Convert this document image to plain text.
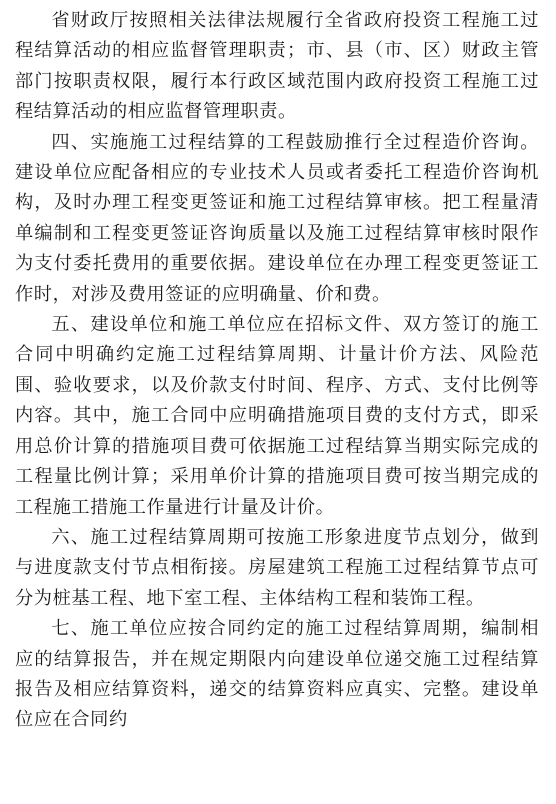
省财政厅按照相关法律法规履行全省政府投资工程施工过程结算活动的相应监督管理职责；市、县（市、区）财政主管部门按职责权限，履行本行政区域范围内政府投资工程施工过程结算活动的相应监督管理职责。

四、实施施工过程结算的工程鼓励推行全过程造价咨询。建设单位应配备相应的专业技术人员或者委托工程造价咨询机构，及时办理工程变更签证和施工过程结算审核。把工程量清单编制和工程变更签证咨询质量以及施工过程结算审核时限作为支付委托费用的重要依据。建设单位在办理工程变更签证工作时，对涉及费用签证的应明确量、价和费。

五、建设单位和施工单位应在招标文件、双方签订的施工合同中明确约定施工过程结算周期、计量计价方法、风险范围、验收要求，以及价款支付时间、程序、方式、支付比例等内容。其中，施工合同中应明确措施项目费的支付方式，即采用总价计算的措施项目费可依据施工过程结算当期实际完成的工程量比例计算；采用单价计算的措施项目费可按当期完成的工程施工措施工作量进行计量及计价。

六、施工过程结算周期可按施工形象进度节点划分，做到与进度款支付节点相衔接。房屋建筑工程施工过程结算节点可分为桩基工程、地下室工程、主体结构工程和装饰工程。

七、施工单位应按合同约定的施工过程结算周期，编制相应的结算报告，并在规定期限内向建设单位递交施工过程结算报告及相应结算资料，递交的结算资料应真实、完整。建设单位应在合同约
